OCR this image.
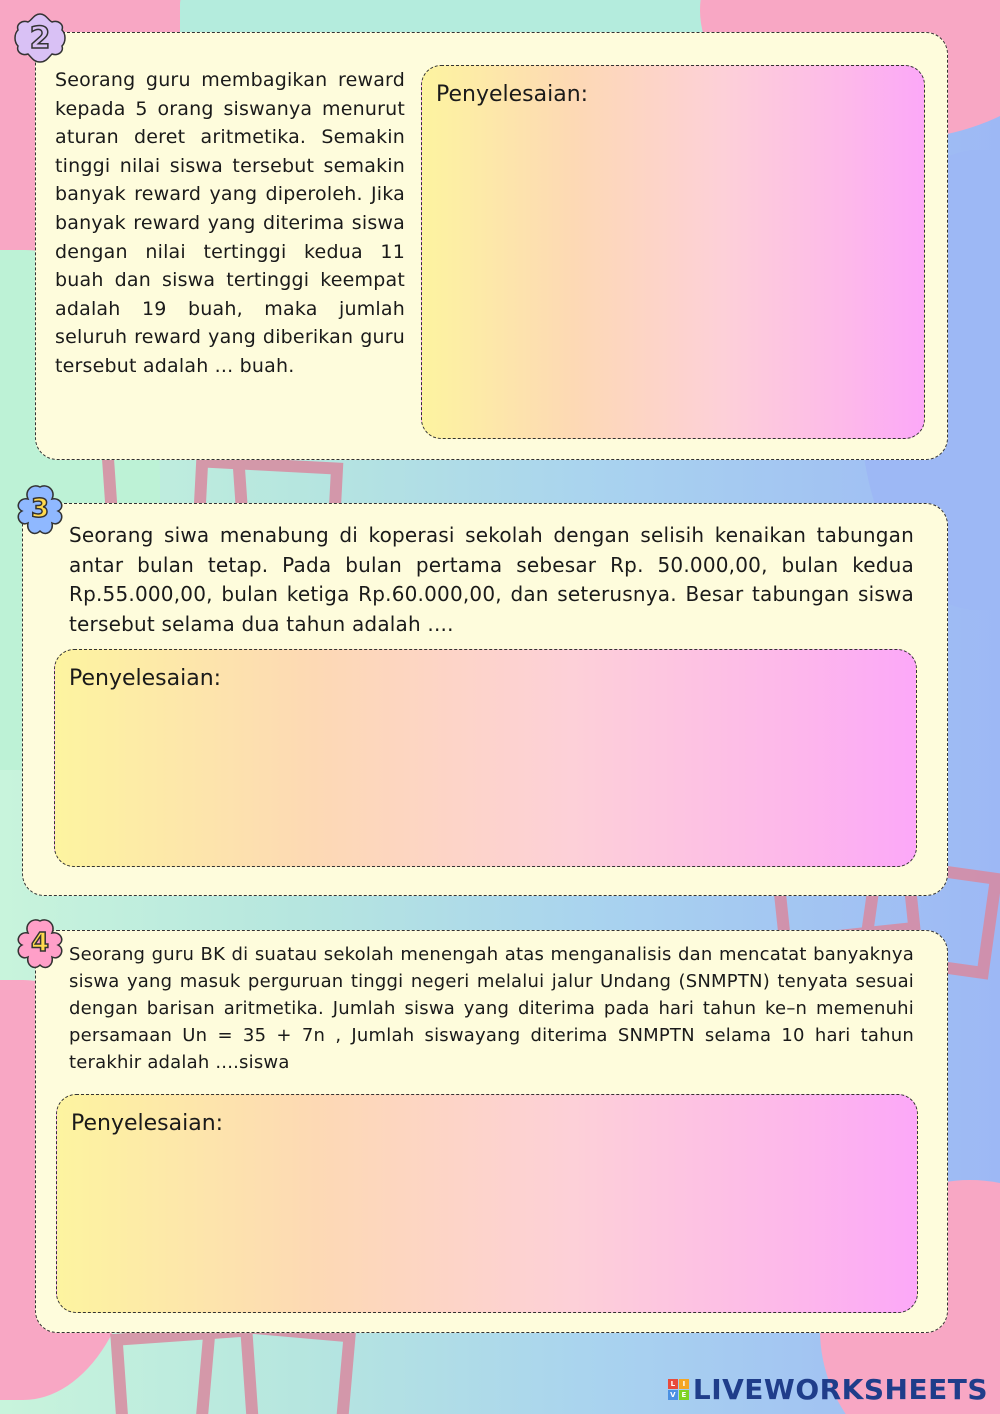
Seorang guru membagikan reward kepada 5 orang siswanya menurut aturan deret aritmetika. Semakin tinggi nilai siswa tersebut semakin banyak reward yang diperoleh. Jika banyak reward yang diterima siswa dengan nilai tertinggi kedua 11 buah dan siswa tertinggi keempat adalah 19 buah, maka jumlah seluruh reward yang diberikan guru tersebut adalah ... buah.

Penyelesaian:
2

Seorang siwa menabung di koperasi sekolah dengan selisih kenaikan tabungan antar bulan tetap. Pada bulan pertama sebesar Rp. 50.000,00, bulan kedua Rp.55.000,00, bulan ketiga Rp.60.000,00, dan seterusnya. Besar tabungan siswa tersebut selama dua tahun adalah ....

Penyelesaian:
3

Seorang guru BK di suatau sekolah menengah atas menganalisis dan mencatat banyaknya siswa yang masuk perguruan tinggi negeri melalui jalur Undang (SNMPTN) tenyata sesuai dengan barisan aritmetika. Jumlah siswa yang diterima pada hari tahun ke–n memenuhi persamaan Un = 35 + 7n , Jumlah siswayang diterima SNMPTN selama 10 hari tahun terakhir adalah ....siswa

Penyelesaian:
4
L	I
V E LIVEWORKSHEETS
